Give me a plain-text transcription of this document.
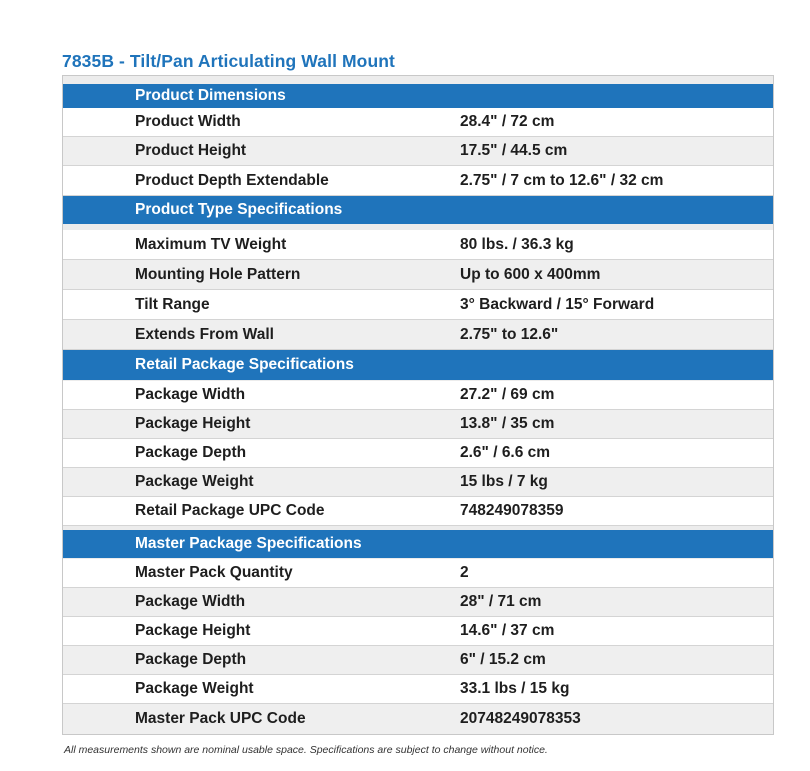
7835B - Tilt/Pan Articulating Wall Mount
Product Dimensions
Product Width	28.4" / 72 cm
Product Height	17.5" / 44.5 cm
Product Depth Extendable	2.75" / 7 cm to 12.6" / 32 cm
Product Type Specifications
Maximum TV Weight	80 lbs. / 36.3 kg
Mounting Hole Pattern	Up to 600 x 400mm
Tilt Range	3° Backward / 15° Forward
Extends From Wall	2.75" to 12.6"
Retail Package Specifications
Package Width	27.2" / 69 cm
Package Height	13.8" / 35 cm
Package Depth	2.6" / 6.6 cm
Package Weight	15 lbs / 7 kg
Retail Package UPC Code	748249078359
Master Package Specifications
Master Pack Quantity	2
Package Width	28" / 71 cm
Package Height	14.6" / 37 cm
Package Depth	6" / 15.2 cm
Package Weight	33.1 lbs / 15 kg
Master Pack UPC Code	20748249078353
All measurements shown are nominal usable space. Specifications are subject to change without notice.
